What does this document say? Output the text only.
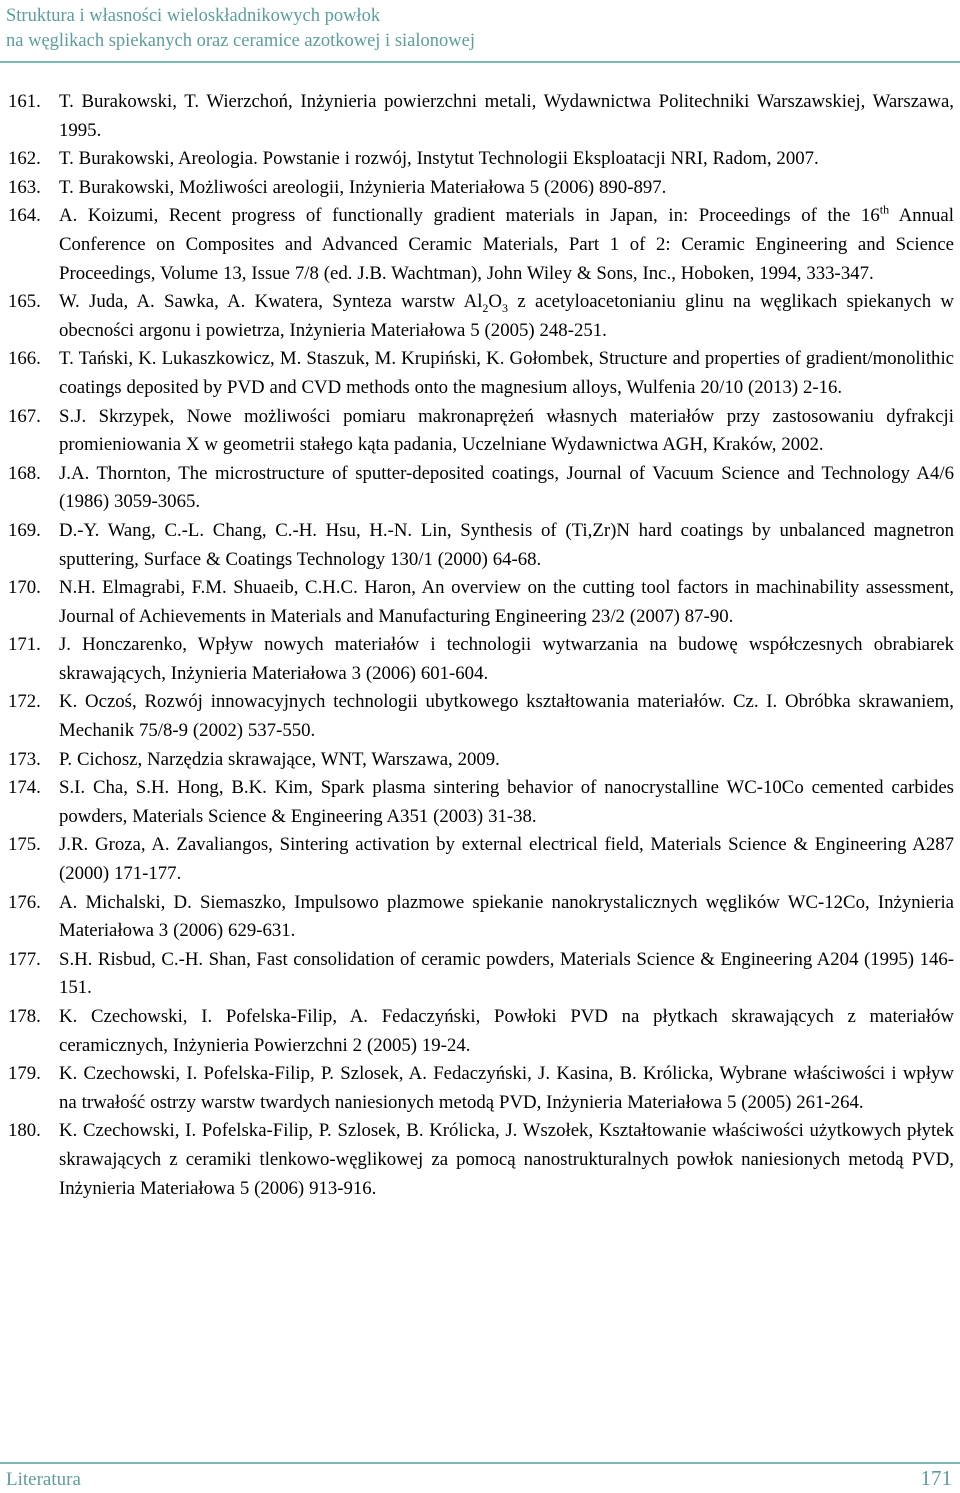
Struktura i własności wieloskładnikowych powłok
na węglikach spiekanych oraz ceramice azotkowej i sialonowej
161. T. Burakowski, T. Wierzchoń, Inżynieria powierzchni metali, Wydawnictwa Politechniki Warszawskiej, Warszawa, 1995.
162. T. Burakowski, Areologia. Powstanie i rozwój, Instytut Technologii Eksploatacji NRI, Radom, 2007.
163. T. Burakowski, Możliwości areologii, Inżynieria Materiałowa 5 (2006) 890-897.
164. A. Koizumi, Recent progress of functionally gradient materials in Japan, in: Proceedings of the 16th Annual Conference on Composites and Advanced Ceramic Materials, Part 1 of 2: Ceramic Engineering and Science Proceedings, Volume 13, Issue 7/8 (ed. J.B. Wachtman), John Wiley & Sons, Inc., Hoboken, 1994, 333-347.
165. W. Juda, A. Sawka, A. Kwatera, Synteza warstw $Al_2O_3$ z acetyloacetonianiu glinu na węglikach spiekanych w obecności argonu i powietrza, Inżynieria Materiałowa 5 (2005) 248-251.
166. T. Tański, K. Lukaszkowicz, M. Staszuk, M. Krupiński, K. Gołombek, Structure and properties of gradient/monolithic coatings deposited by PVD and CVD methods onto the magnesium alloys, Wulfenia 20/10 (2013) 2-16.
167. S.J. Skrzypek, Nowe możliwości pomiaru makronaprężeń własnych materiałów przy zastosowaniu dyfrakcji promieniowania X w geometrii stałego kąta padania, Uczelniane Wydawnictwa AGH, Kraków, 2002.
168. J.A. Thornton, The microstructure of sputter-deposited coatings, Journal of Vacuum Science and Technology A4/6 (1986) 3059-3065.
169. D.-Y. Wang, C.-L. Chang, C.-H. Hsu, H.-N. Lin, Synthesis of (Ti,Zr)N hard coatings by unbalanced magnetron sputtering, Surface & Coatings Technology 130/1 (2000) 64-68.
170. N.H. Elmagrabi, F.M. Shuaeib, C.H.C. Haron, An overview on the cutting tool factors in machinability assessment, Journal of Achievements in Materials and Manufacturing Engineering 23/2 (2007) 87-90.
171. J. Honczarenko, Wpływ nowych materiałów i technologii wytwarzania na budowę współczesnych obrabiarek skrawających, Inżynieria Materiałowa 3 (2006) 601-604.
172. K. Oczoś, Rozwój innowacyjnych technologii ubytkowego kształtowania materiałów. Cz. I. Obróbka skrawaniem, Mechanik 75/8-9 (2002) 537-550.
173. P. Cichosz, Narzędzia skrawające, WNT, Warszawa, 2009.
174. S.I. Cha, S.H. Hong, B.K. Kim, Spark plasma sintering behavior of nanocrystalline WC-10Co cemented carbides powders, Materials Science & Engineering A351 (2003) 31-38.
175. J.R. Groza, A. Zavaliangos, Sintering activation by external electrical field, Materials Science & Engineering A287 (2000) 171-177.
176. A. Michalski, D. Siemaszko, Impulsowo plazmowe spiekanie nanokrystalicznych węglików WC-12Co, Inżynieria Materiałowa 3 (2006) 629-631.
177. S.H. Risbud, C.-H. Shan, Fast consolidation of ceramic powders, Materials Science & Engineering A204 (1995) 146-151.
178. K. Czechowski, I. Pofelska-Filip, A. Fedaczyński, Powłoki PVD na płytkach skrawających z materiałów ceramicznych, Inżynieria Powierzchni 2 (2005) 19-24.
179. K. Czechowski, I. Pofelska-Filip, P. Szlosek, A. Fedaczyński, J. Kasina, B. Królicka, Wybrane właściwości i wpływ na trwałość ostrzy warstw twardych naniesionych metodą PVD, Inżynieria Materiałowa 5 (2005) 261-264.
180. K. Czechowski, I. Pofelska-Filip, P. Szlosek, B. Królicka, J. Wszołek, Kształtowanie właściwości użytkowych płytek skrawających z ceramiki tlenkowo-węglikowej za pomocą nanostrukturalnych powłok naniesionych metodą PVD, Inżynieria Materiałowa 5 (2006) 913-916.
Literatura	171
